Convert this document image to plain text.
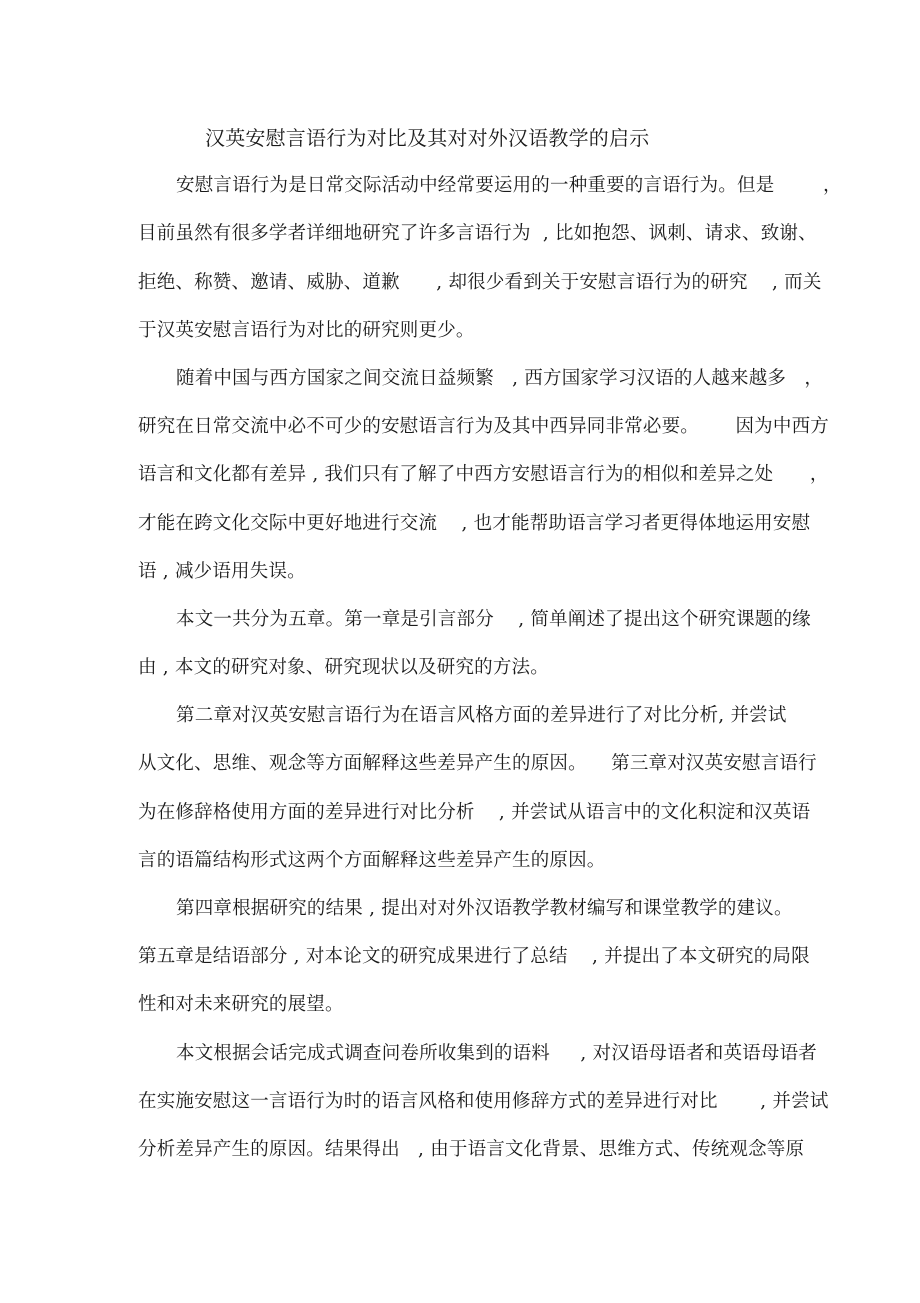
汉英安慰言语行为对比及其对对外汉语教学的启示
安慰言语行为是日常交际活动中经常要运用的一种重要的言语行为。但是        ，
目前虽然有很多学者详细地研究了许多言语行为  , 比如抱怨、讽刺、请求、致谢、
拒绝、称赞、邀请、威胁、道歉      , 却很少看到关于安慰言语行为的研究    , 而关
于汉英安慰言语行为对比的研究则更少。
随着中国与西方国家之间交流日益频繁   , 西方国家学习汉语的人越来越多   ，
研究在日常交流中必不可少的安慰语言行为及其中西异同非常必要。      因为中西方
语言和文化都有差异 , 我们只有了解了中西方安慰语言行为的相似和差异之处      ，
才能在跨文化交际中更好地进行交流    , 也才能帮助语言学习者更得体地运用安慰
语 , 减少语用失误。
本文一共分为五章。第一章是引言部分    , 简单阐述了提出这个研究课题的缘
由 , 本文的研究对象、研究现状以及研究的方法。
第二章对汉英安慰言语行为在语言风格方面的差异进行了对比分析, 并尝试
从文化、思维、观念等方面解释这些差异产生的原因。    第三章对汉英安慰言语行
为在修辞格使用方面的差异进行对比分析    , 并尝试从语言中的文化积淀和汉英语
言的语篇结构形式这两个方面解释这些差异产生的原因。
第四章根据研究的结果 , 提出对对外汉语教学教材编写和课堂教学的建议。
第五章是结语部分 , 对本论文的研究成果进行了总结    , 并提出了本文研究的局限
性和对未来研究的展望。
本文根据会话完成式调查问卷所收集到的语料     , 对汉语母语者和英语母语者
在实施安慰这一言语行为时的语言风格和使用修辞方式的差异进行对比       , 并尝试
分析差异产生的原因。结果得出   , 由于语言文化背景、思维方式、传统观念等原
